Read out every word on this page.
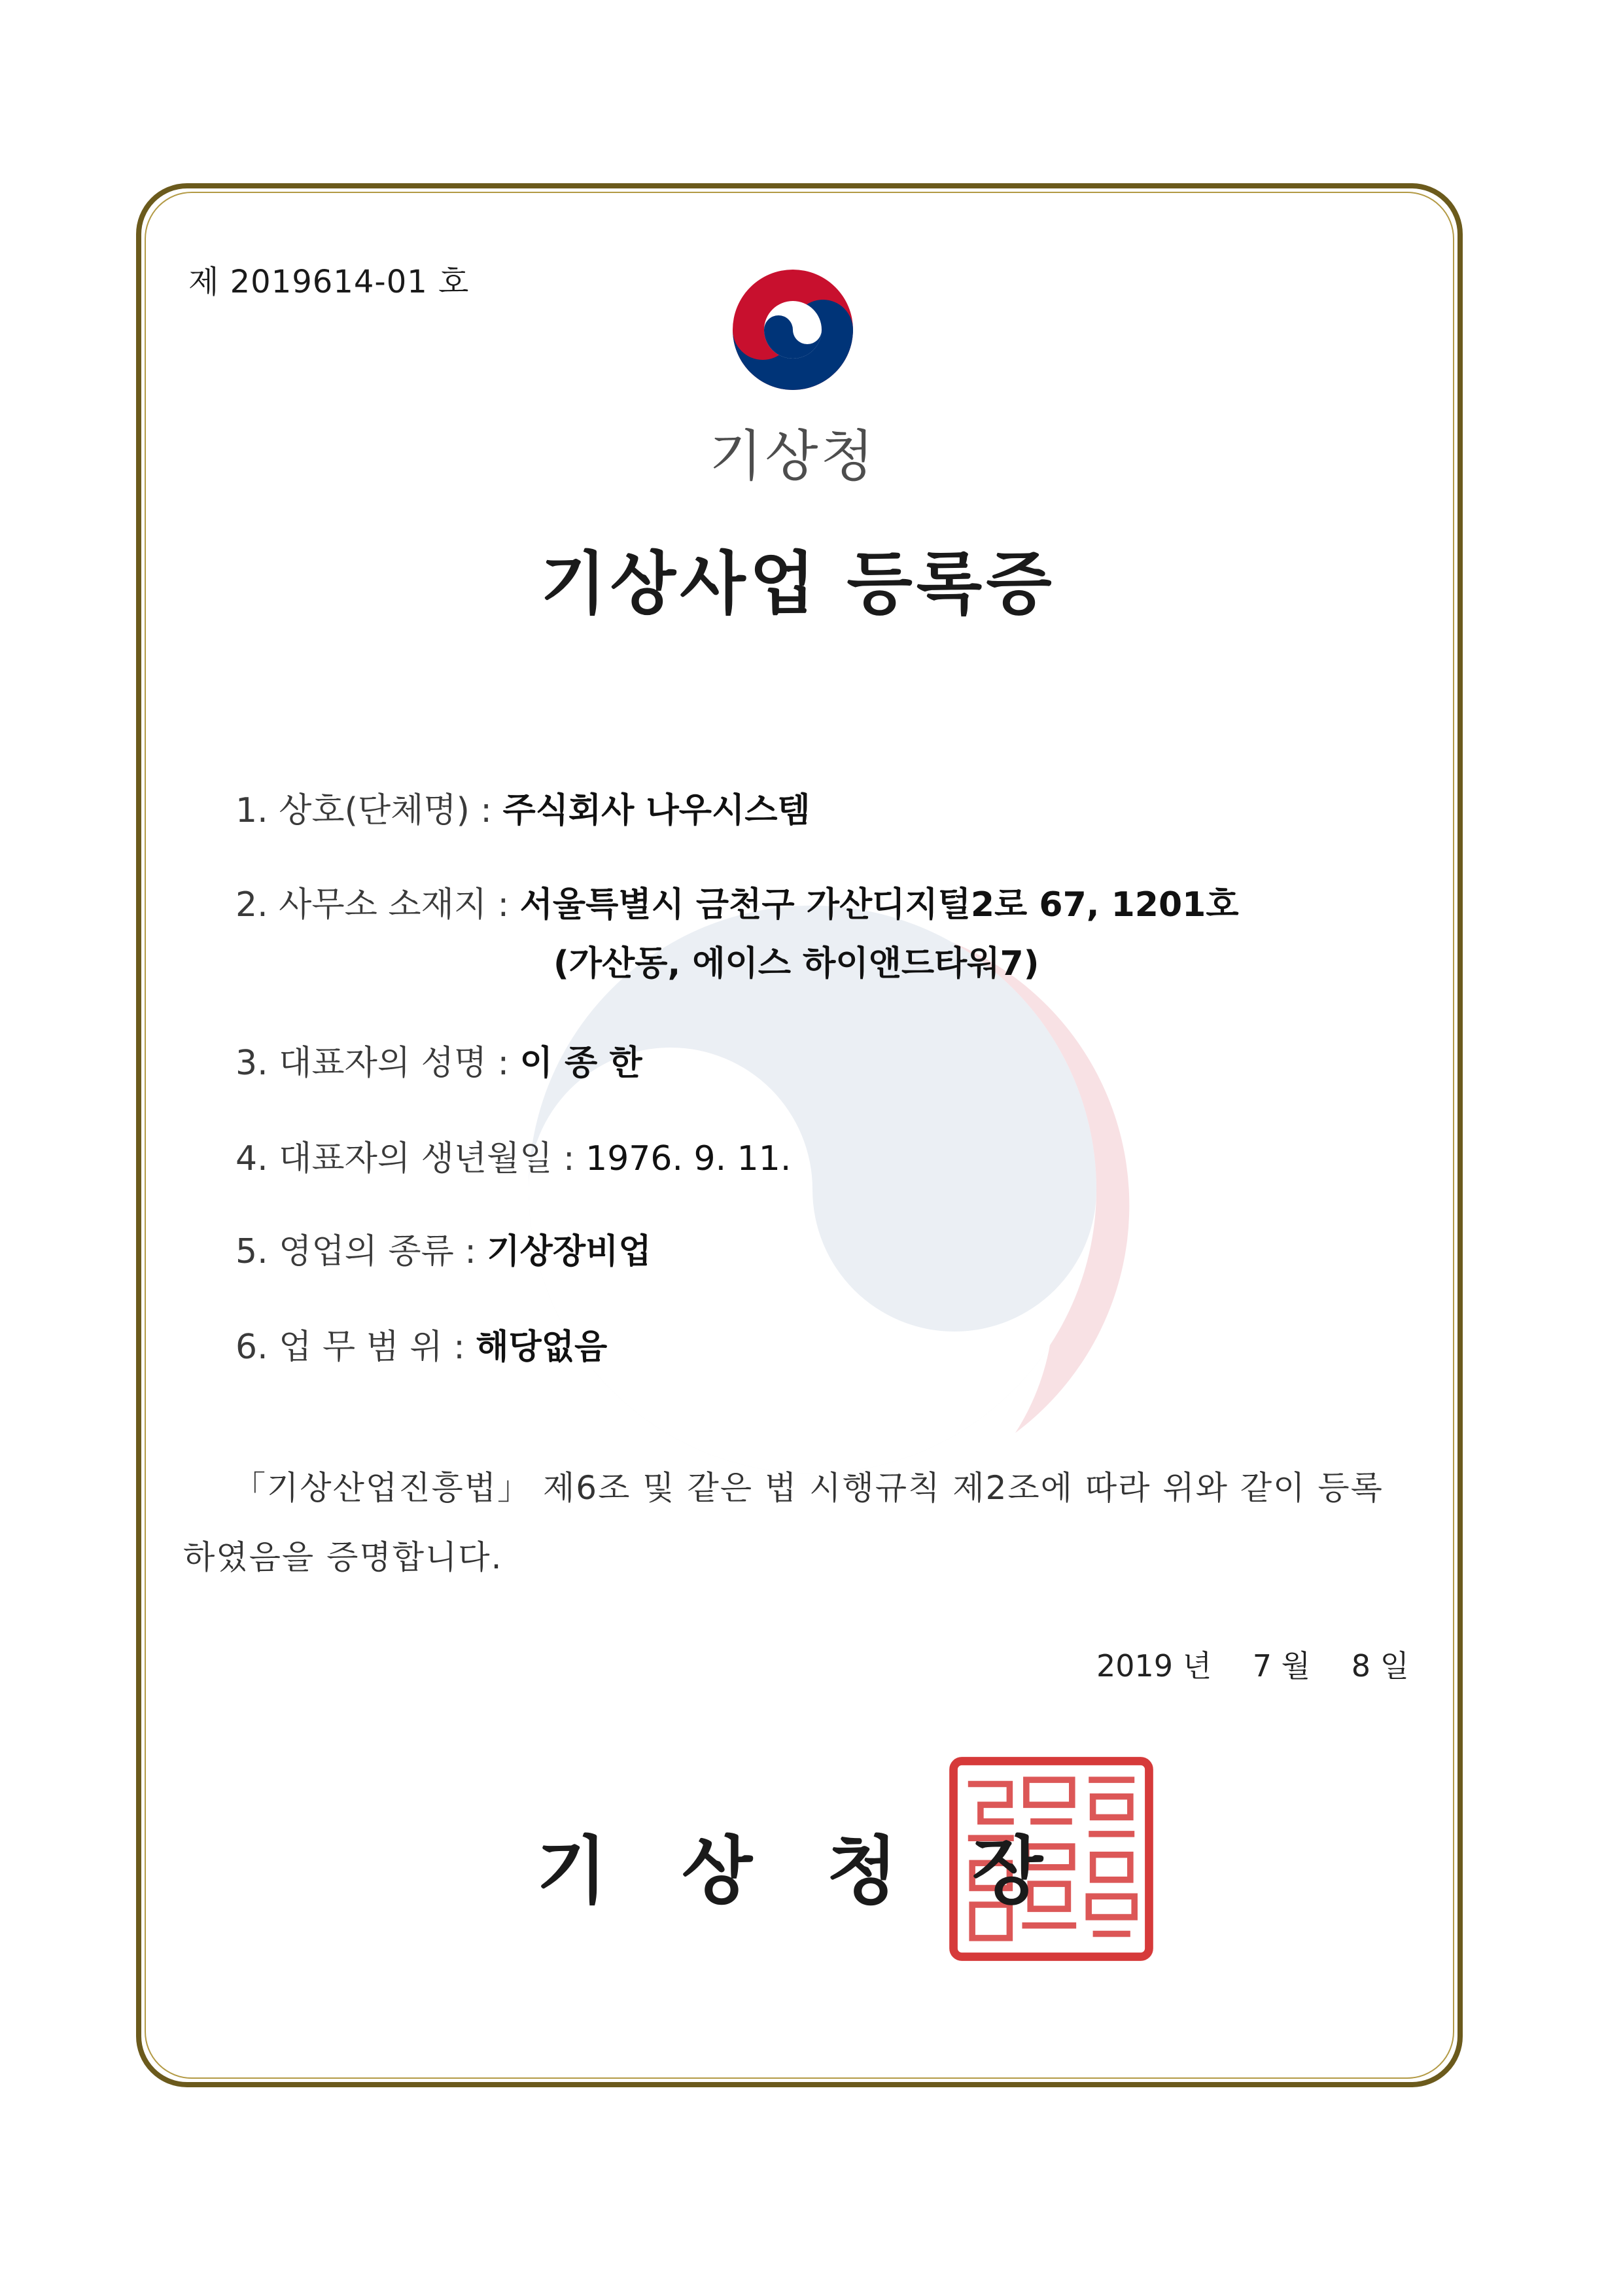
제 2019614-01 호
기상청
기상사업 등록증
1. 상호(단체명) : 주식회사 나우시스템
2. 사무소 소재지 : 서울특별시 금천구 가산디지털2로 67, 1201호
(가산동, 에이스 하이앤드타워7)
3. 대표자의 성명 : 이 종 한
4. 대표자의 생년월일 : 1976. 9. 11.
5. 영업의 종류 : 기상장비업
6. 업 무 범 위 : 해당없음
「기상산업진흥법」 제6조 및 같은 법 시행규칙 제2조에 따라 위와 같이 등록
하였음을 증명합니다.
2019 년 7 월 8 일
기 상 청 장
